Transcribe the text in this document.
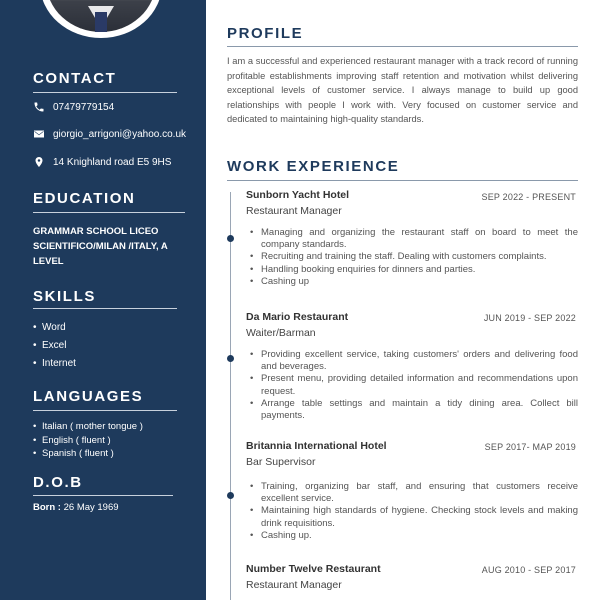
CONTACT
07479779154
giorgio_arrigoni@yahoo.co.uk
14 Knighland road E5 9HS
EDUCATION
GRAMMAR SCHOOL LICEO SCIENTIFICO/MILAN /ITALY, A LEVEL
SKILLS
• Word
• Excel
• Internet
LANGUAGES
• Italian ( mother tongue )
• English ( fluent )
• Spanish ( fluent )
D.O.B
Born : 26 May 1969
PROFILE
I am a successful and experienced restaurant manager with a track record of running profitable establishments improving staff retention and motivation whilst delivering exceptional levels of customer service. I always manage to build up good relationships with people I work with. Very focused on customer service and dedicated to maintaining high-quality standards.
WORK EXPERIENCE
Sunborn Yacht Hotel	SEP 2022 - PRESENT
Restaurant Manager
• Managing and organizing the restaurant staff on board to meet the company standards.
• Recruiting and training the staff. Dealing with customers complaints.
• Handling booking enquiries for dinners and parties.
• Cashing up
Da Mario Restaurant	JUN 2019 - SEP 2022
Waiter/Barman
• Providing excellent service, taking customers' orders and delivering food and beverages.
• Present menu, providing detailed information and recommendations upon request.
• Arrange table settings and maintain a tidy dining area. Collect bill payments.
Britannia International Hotel	SEP 2017- MAP 2019
Bar Supervisor
• Training, organizing bar staff, and ensuring that customers receive excellent service.
• Maintaining high standards of hygiene. Checking stock levels and making drink requisitions.
• Cashing up.
Number Twelve Restaurant	AUG 2010 - SEP 2017
Restaurant Manager
